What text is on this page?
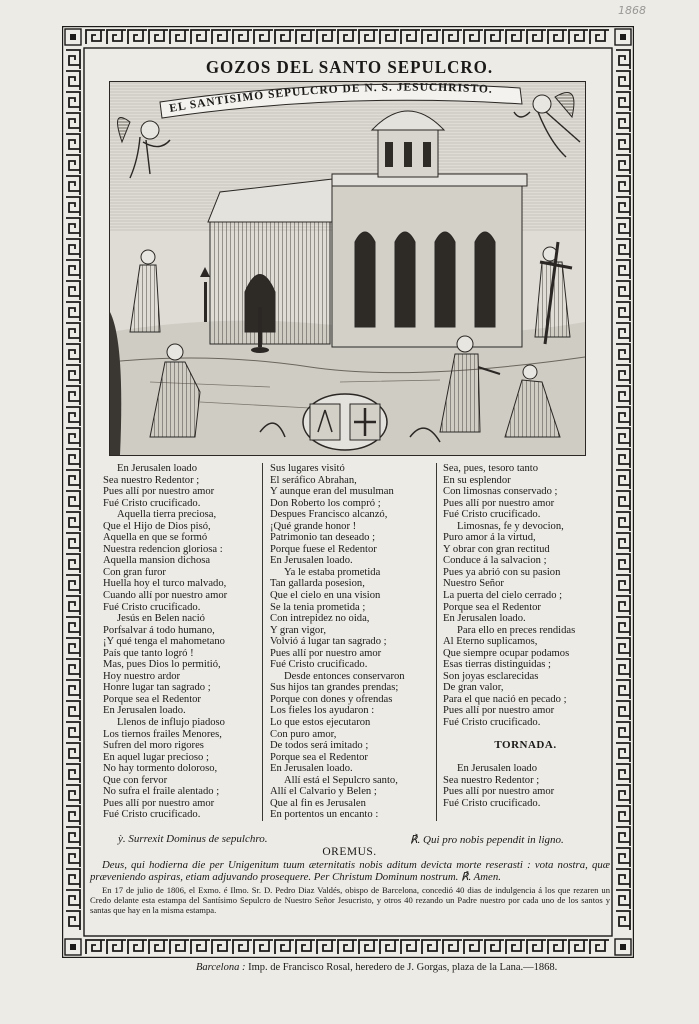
1868
GOZOS DEL SANTO SEPULCRO.
EL SANTISIMO SEPULCRO DE N. S. JESUCHRISTO.
En Jerusalen loado
Sea nuestro Redentor ;
Pues allí por nuestro amor
Fué Cristo crucificado.
Aquella tierra preciosa,
Que el Hijo de Dios pisó,
Aquella en que se formó
Nuestra redencion gloriosa :
Aquella mansion dichosa
Con gran furor
Huella hoy el turco malvado,
Cuando allí por nuestro amor
Fué Cristo crucificado.
Jesús en Belen nació
Porfsalvar á todo humano,
¡Y qué tenga el mahometano
País que tanto logró !
Mas, pues Dios lo permitió,
Hoy nuestro ardor
Honre lugar tan sagrado ;
Porque sea el Redentor
En Jerusalen loado.
Llenos de influjo piadoso
Los tiernos frailes Menores,
Sufren del moro rigores
En aquel lugar precioso ;
No hay tormento doloroso,
Que con fervor
No sufra el fraile alentado ;
Pues allí por nuestro amor
Fué Cristo crucificado.
Sus lugares visitó
El seráfico Abrahan,
Y aunque eran del musulman
Don Roberto los compró ;
Despues Francisco alcanzó,
¡Qué grande honor !
Patrimonio tan deseado ;
Porque fuese el Redentor
En Jerusalen loado.
Ya le estaba prometida
Tan gallarda posesion,
Que el cielo en una vision
Se la tenia prometida ;
Con intrepidez no oida,
Y gran vigor,
Volvió á lugar tan sagrado ;
Pues allí por nuestro amor
Fué Cristo crucificado.
Desde entonces conservaron
Sus hijos tan grandes prendas;
Porque con dones y ofrendas
Los fieles los ayudaron :
Lo que estos ejecutaron
Con puro amor,
De todos será imitado ;
Porque sea el Redentor
En Jerusalen loado.
Allí está el Sepulcro santo,
Allí el Calvario y Belen ;
Que al fin es Jerusalen
En portentos un encanto :
Sea, pues, tesoro tanto
En su esplendor
Con limosnas conservado ;
Pues allí por nuestro amor
Fué Cristo crucificado.
Limosnas, fe y devocion,
Puro amor á la virtud,
Y obrar con gran rectitud
Conduce á la salvacion ;
Pues ya abrió con su pasion
Nuestro Señor
La puerta del cielo cerrado ;
Porque sea el Redentor
En Jerusalen loado.
Para ello en preces rendidas
Al Eterno suplicamos,
Que siempre ocupar podamos
Esas tierras distinguidas ;
Son joyas esclarecidas
De gran valor,
Para el que nació en pecado ;
Pues allí por nuestro amor
Fué Cristo crucificado.
TORNADA.
En Jerusalen loado
Sea nuestro Redentor ;
Pues allí por nuestro amor
Fué Cristo crucificado.
ỳ. Surrexit Dominus de sepulchro.	℟. Qui pro nobis pependit in ligno.
OREMUS.
Deus, qui hodierna die per Unigenitum tuum æternitatis nobis aditum devicta morte reserasti : vota nostra, quæ præveniendo aspiras, etiam adjuvando prosequere. Per Christum Dominum nostrum. ℟. Amen.
En 17 de julio de 1806, el Exmo. é Ilmo. Sr. D. Pedro Diaz Valdés, obispo de Barcelona, concedió 40 dias de indulgencia á los que rezaren un Credo delante esta estampa del Santísimo Sepulcro de Nuestro Señor Jesucristo, y otros 40 rezando un Padre nuestro por cada uno de los santos y santas que hay en la misma estampa.
Barcelona : Imp. de Francisco Rosal, heredero de J. Gorgas, plaza de la Lana.—1868.
